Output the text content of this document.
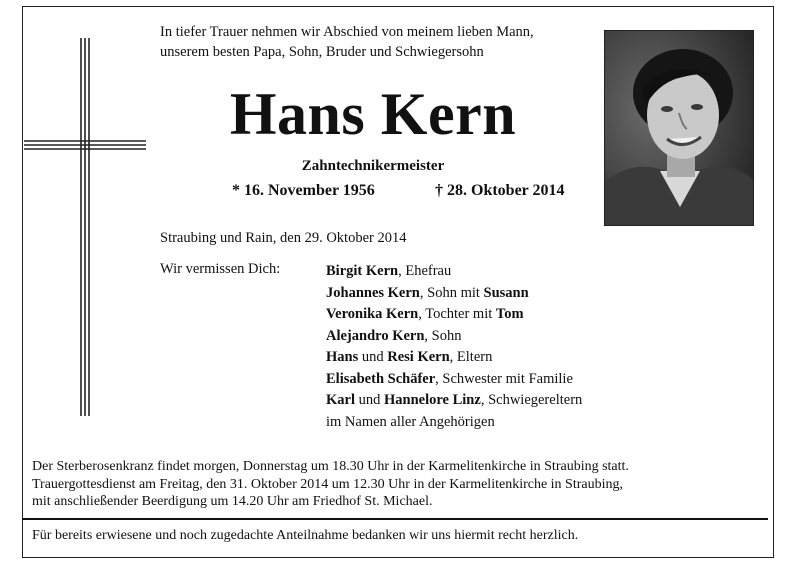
In tiefer Trauer nehmen wir Abschied von meinem lieben Mann,
unserem besten Papa, Sohn, Bruder und Schwiegersohn
Hans Kern
Zahntechnikermeister
* 16. November 1956	† 28. Oktober 2014
Straubing und Rain, den 29. Oktober 2014
Wir vermissen Dich:	Birgit Kern, Ehefrau
Johannes Kern, Sohn mit Susann
Veronika Kern, Tochter mit Tom
Alejandro Kern, Sohn
Hans und Resi Kern, Eltern
Elisabeth Schäfer, Schwester mit Familie
Karl und Hannelore Linz, Schwiegereltern
im Namen aller Angehörigen
Der Sterberosenkranz findet morgen, Donnerstag um 18.30 Uhr in der Karmelitenkirche in Straubing statt.
Trauergottesdienst am Freitag, den 31. Oktober 2014 um 12.30 Uhr in der Karmelitenkirche in Straubing,
mit anschließender Beerdigung um 14.20 Uhr am Friedhof St. Michael.
Für bereits erwiesene und noch zugedachte Anteilnahme bedanken wir uns hiermit recht herzlich.
